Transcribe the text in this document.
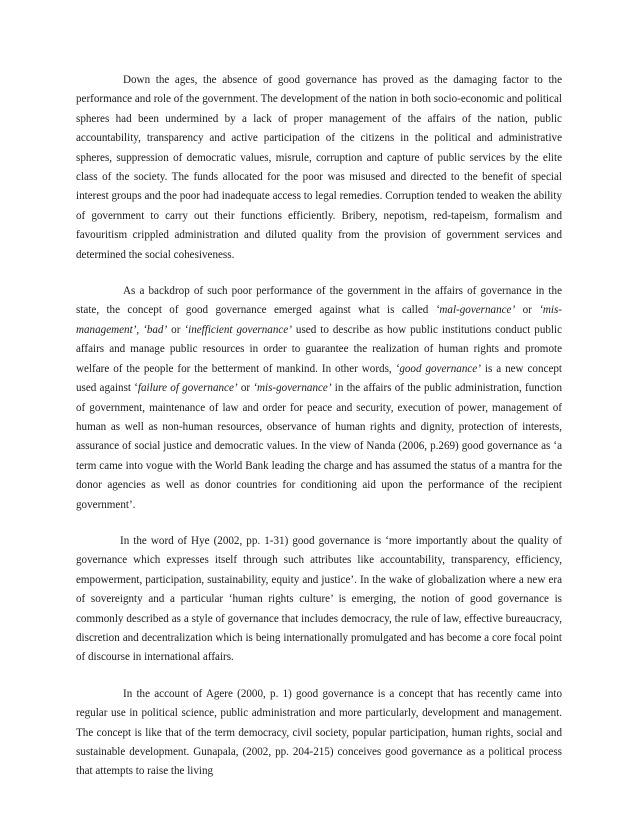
Down the ages, the absence of good governance has proved as the damaging factor to the performance and role of the government. The development of the nation in both socio-economic and political spheres had been undermined by a lack of proper management of the affairs of the nation, public accountability, transparency and active participation of the citizens in the political and administrative spheres, suppression of democratic values, misrule, corruption and capture of public services by the elite class of the society. The funds allocated for the poor was misused and directed to the benefit of special interest groups and the poor had inadequate access to legal remedies. Corruption tended to weaken the ability of government to carry out their functions efficiently. Bribery, nepotism, red-tapeism, formalism and favouritism crippled administration and diluted quality from the provision of government services and determined the social cohesiveness.

As a backdrop of such poor performance of the government in the affairs of governance in the state, the concept of good governance emerged against what is called ‘mal-governance’ or ‘mis-management’, ‘bad’ or ‘inefficient governance’ used to describe as how public institutions conduct public affairs and manage public resources in order to guarantee the realization of human rights and promote welfare of the people for the betterment of mankind. In other words, ‘good governance’ is a new concept used against ‘failure of governance’ or ‘mis-governance’ in the affairs of the public administration, function of government, maintenance of law and order for peace and security, execution of power, management of human as well as non-human resources, observance of human rights and dignity, protection of interests, assurance of social justice and democratic values. In the view of Nanda (2006, p.269) good governance as ‘a term came into vogue with the World Bank leading the charge and has assumed the status of a mantra for the donor agencies as well as donor countries for conditioning aid upon the performance of the recipient government’.

In the word of Hye (2002, pp. 1-31) good governance is ‘more importantly about the quality of governance which expresses itself through such attributes like accountability, transparency, efficiency, empowerment, participation, sustainability, equity and justice’. In the wake of globalization where a new era of sovereignty and a particular ‘human rights culture’ is emerging, the notion of good governance is commonly described as a style of governance that includes democracy, the rule of law, effective bureaucracy, discretion and decentralization which is being internationally promulgated and has become a core focal point of discourse in international affairs.

In the account of Agere (2000, p. 1) good governance is a concept that has recently came into regular use in political science, public administration and more particularly, development and management. The concept is like that of the term democracy, civil society, popular participation, human rights, social and sustainable development. Gunapala, (2002, pp. 204-215) conceives good governance as a political process that attempts to raise the living
